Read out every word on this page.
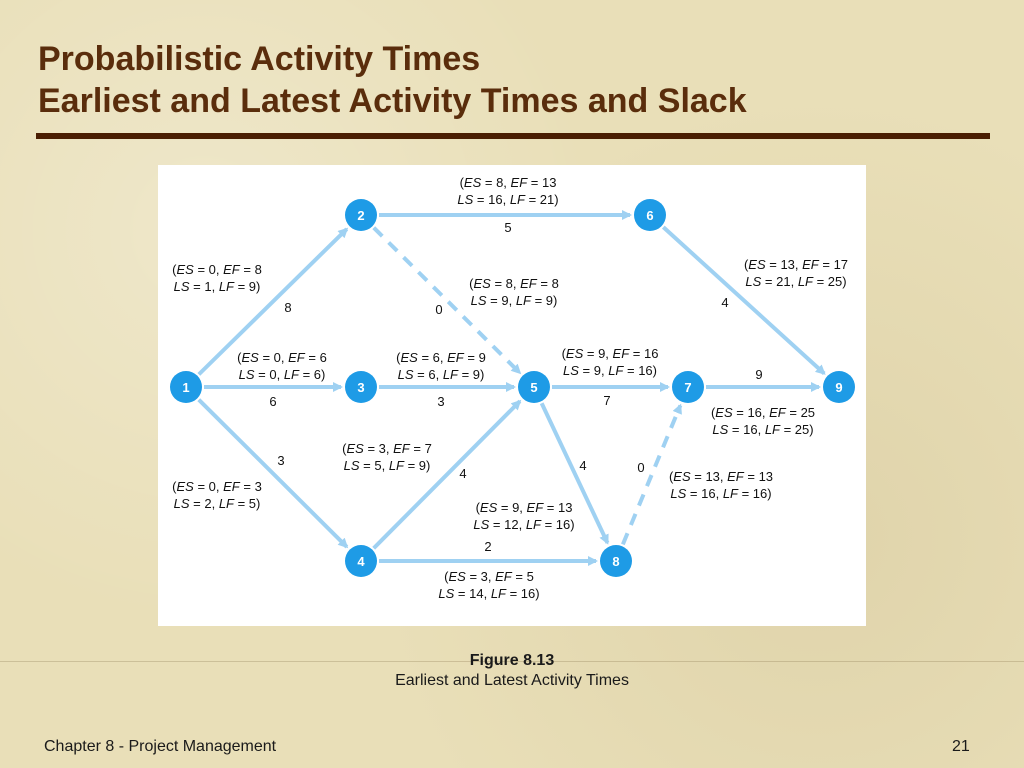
Probabilistic Activity Times
Earliest and Latest Activity Times and Slack
1
2
3
4
5
6
7
8
9
8
6
3
0
5
3
4
2
7
4
4
9
0
(ES = 0, EF = 8
LS = 1, LF = 9)
(ES = 0, EF = 6
LS = 0, LF = 6)
(ES = 0, EF = 3
LS = 2, LF = 5)
(ES = 8, EF = 8
LS = 9, LF = 9)
(ES = 8, EF = 13
LS = 16, LF = 21)
(ES = 6, EF = 9
LS = 6, LF = 9)
(ES = 3, EF = 7
LS = 5, LF = 9)
(ES = 3, EF = 5
LS = 14, LF = 16)
(ES = 9, EF = 16
LS = 9, LF = 16)
(ES = 9, EF = 13
LS = 12, LF = 16)
(ES = 13, EF = 17
LS = 21, LF = 25)
(ES = 16, EF = 25
LS = 16, LF = 25)
(ES = 13, EF = 13
LS = 16, LF = 16)
Figure 8.13
Earliest and Latest Activity Times
Chapter 8 - Project Management	21
